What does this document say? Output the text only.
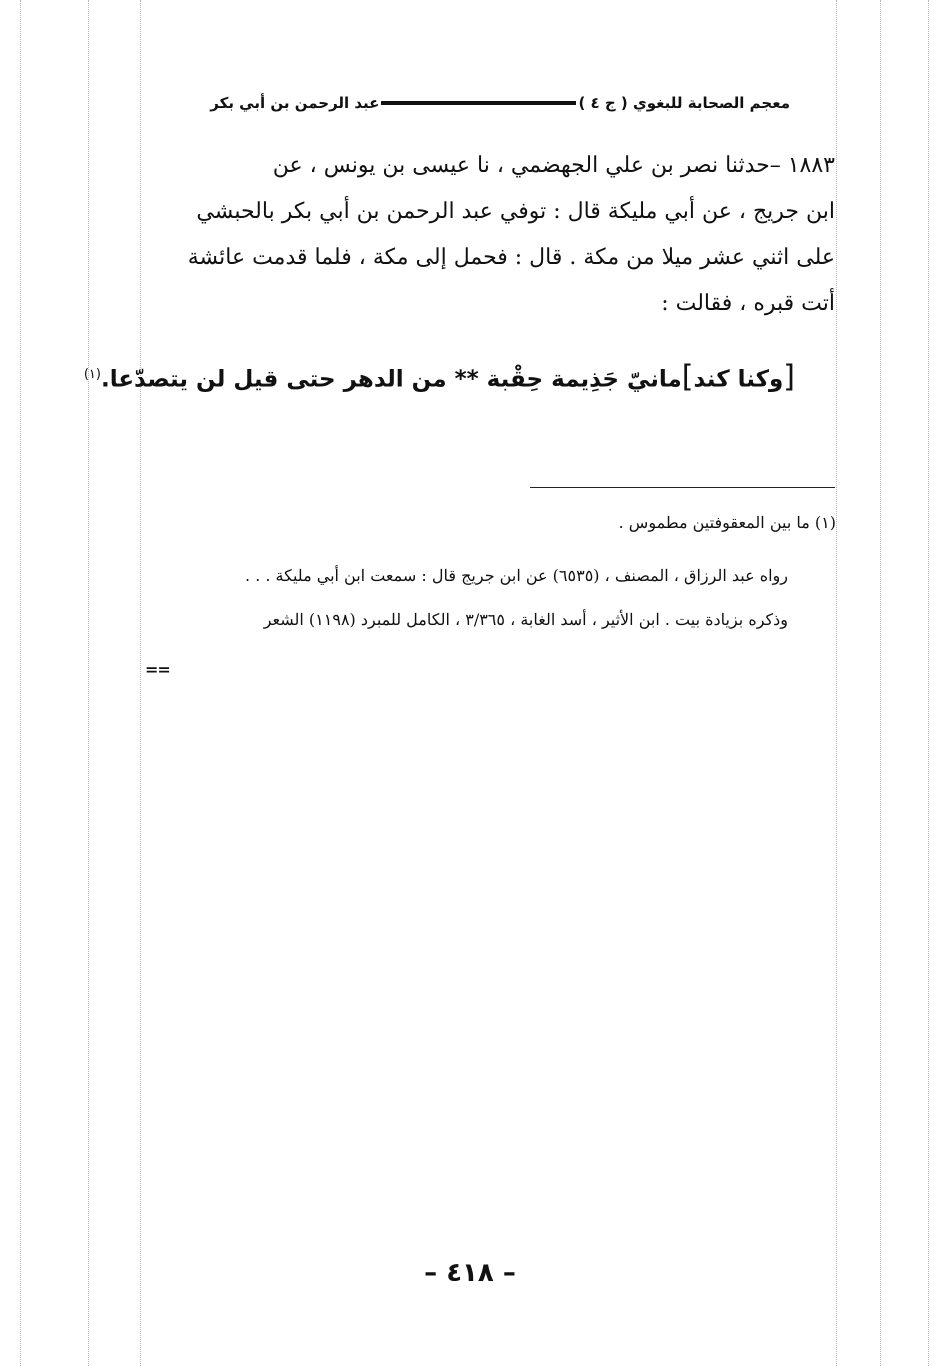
معجم الصحابة للبغوي ( ج ٤ )
عبد الرحمن بن أبي بكر

١٨٨٣ –حدثنا نصر بن علي الجهضمي ، نا عيسى بن يونس ، عن

ابن جريج ، عن أبي مليكة قال : توفي عبد الرحمن بن أبي بكر بالحبشي

على اثني عشر ميلا من مكة . قال : فحمل إلى مكة ، فلما قدمت عائشة

أتت قبره ، فقالت :

[وكنا كند]مانيّ جَذِيمة حِقْبة ** من الدهر حتى قيل لن يتصدّعا.$^{(١)}$
(١) ما بين المعقوفتين مطموس .
رواه عبد الرزاق ، المصنف ، (٦٥٣٥) عن ابن جريج قال : سمعت ابن أبي مليكة . . .
وذكره بزيادة بيت . ابن الأثير ، أسد الغابة ، ٣/٣٦٥ ، الكامل للمبرد (١١٩٨) الشعر
==
– ٤١٨ –
